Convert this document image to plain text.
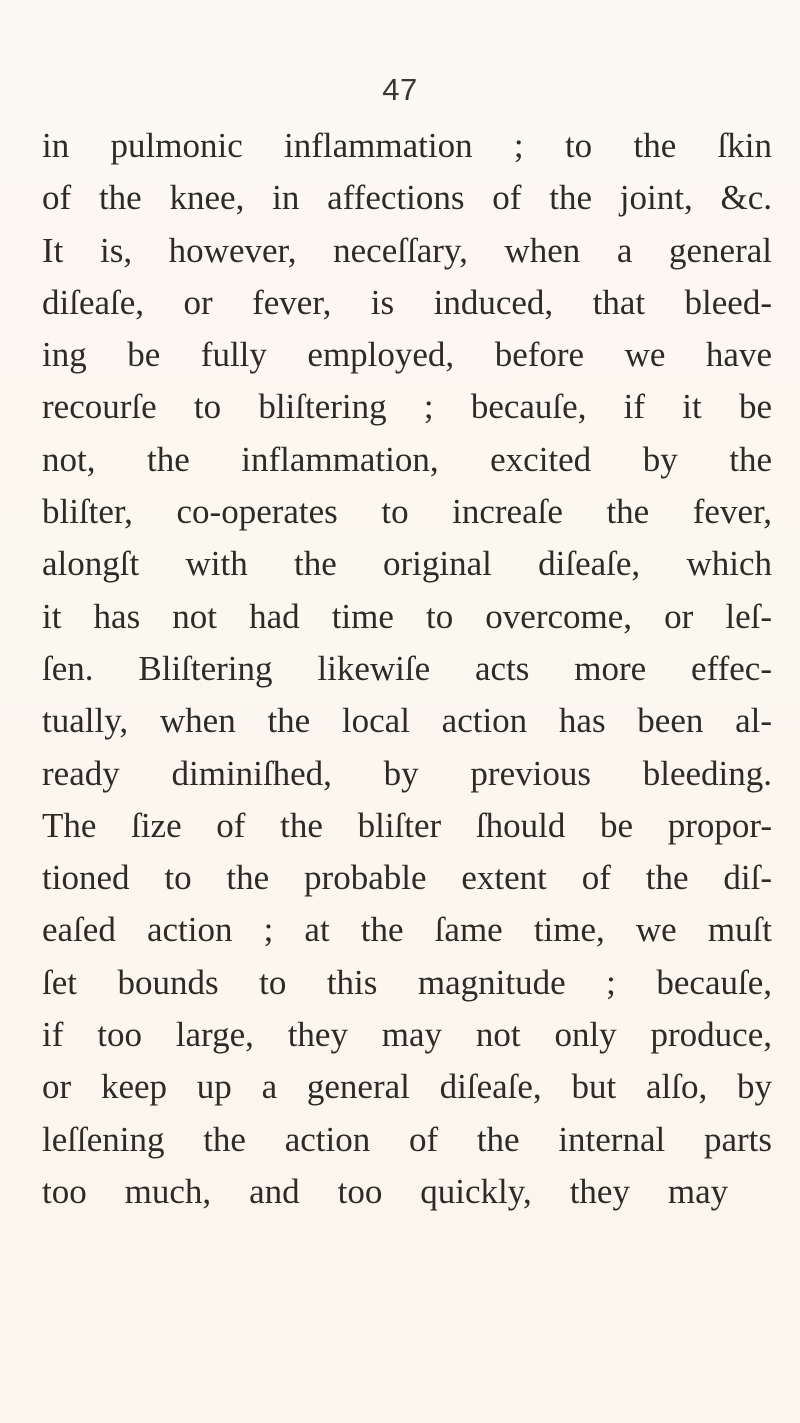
47
in pulmonic inflammation ; to the ſkin
of the knee, in affections of the joint, &c.
It is, however, neceſſary, when a general
diſeaſe, or fever, is induced, that bleed-
ing be fully employed, before we have
recourſe to bliſtering ; becauſe, if it be
not, the inflammation, excited by the
bliſter, co-operates to increaſe the fever,
alongſt with the original diſeaſe, which
it has not had time to overcome, or leſ-
ſen. Bliſtering likewiſe acts more effec-
tually, when the local action has been al-
ready diminiſhed, by previous bleeding.
The ſize of the bliſter ſhould be propor-
tioned to the probable extent of the diſ-
eaſed action ; at the ſame time, we muſt
ſet bounds to this magnitude ; becauſe,
if too large, they may not only produce,
or keep up a general diſeaſe, but alſo, by
leſſening the action of the internal parts
too much, and too quickly, they may
